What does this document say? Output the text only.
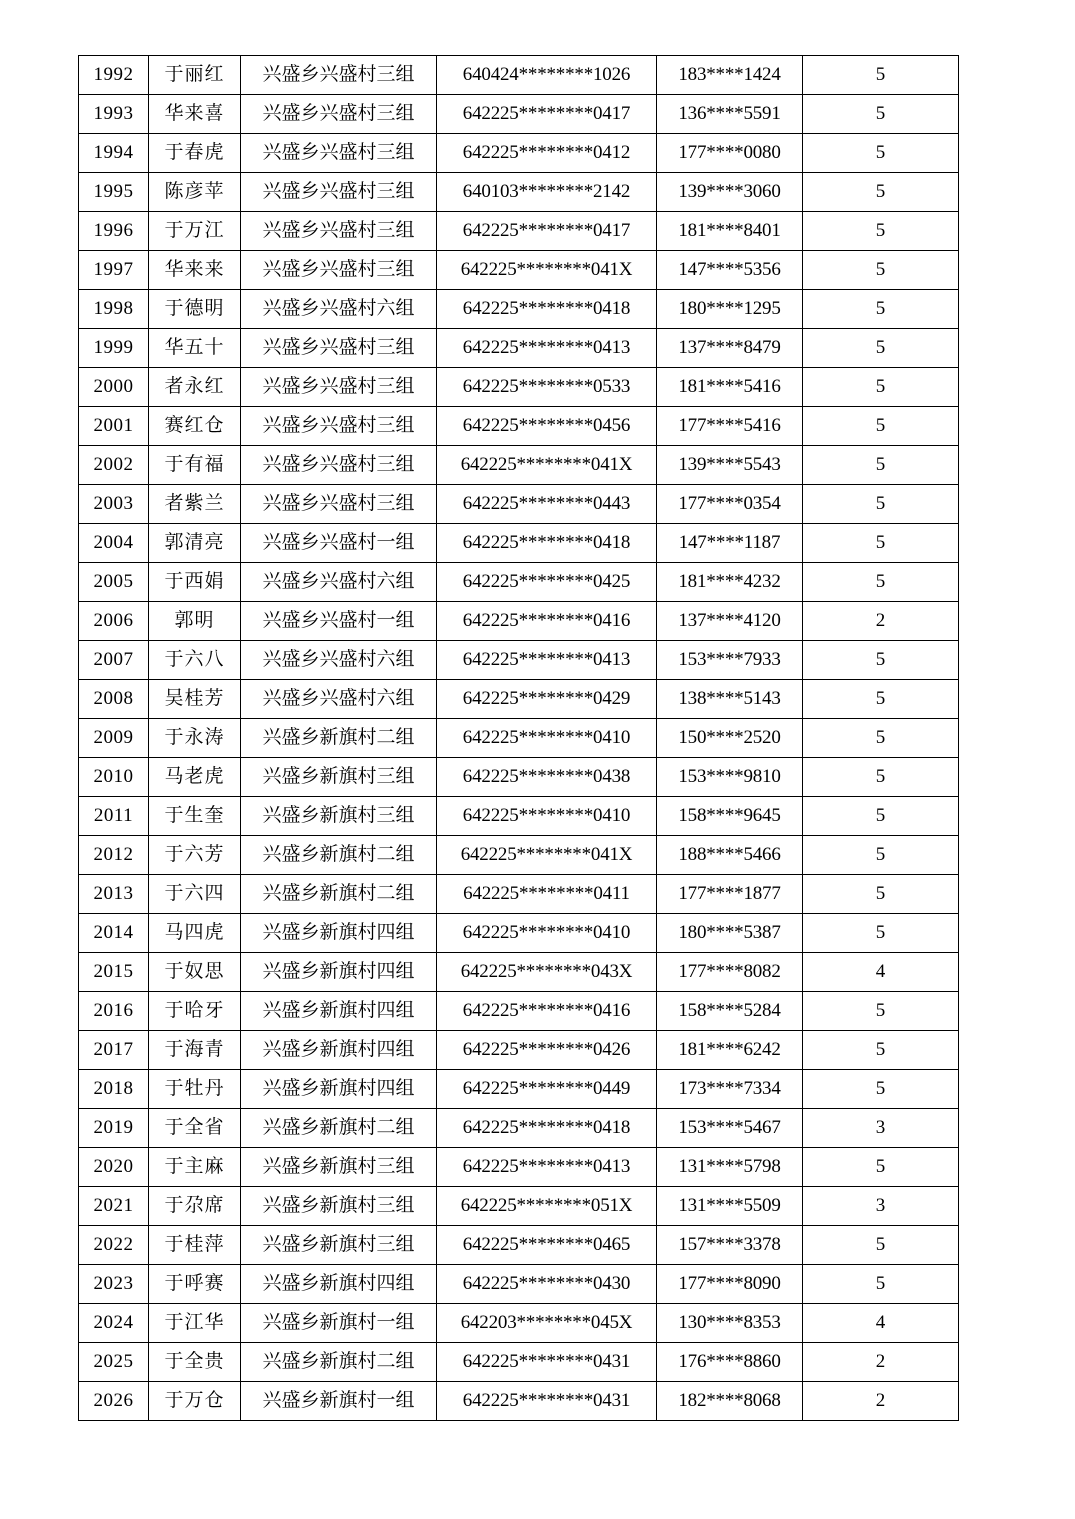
1992	于丽红	兴盛乡兴盛村三组	640424********1026	183****1424	5
1993	华来喜	兴盛乡兴盛村三组	642225********0417	136****5591	5
1994	于春虎	兴盛乡兴盛村三组	642225********0412	177****0080	5
1995	陈彦苹	兴盛乡兴盛村三组	640103********2142	139****3060	5
1996	于万江	兴盛乡兴盛村三组	642225********0417	181****8401	5
1997	华来来	兴盛乡兴盛村三组	642225********041X	147****5356	5
1998	于德明	兴盛乡兴盛村六组	642225********0418	180****1295	5
1999	华五十	兴盛乡兴盛村三组	642225********0413	137****8479	5
2000	者永红	兴盛乡兴盛村三组	642225********0533	181****5416	5
2001	赛红仓	兴盛乡兴盛村三组	642225********0456	177****5416	5
2002	于有福	兴盛乡兴盛村三组	642225********041X	139****5543	5
2003	者紫兰	兴盛乡兴盛村三组	642225********0443	177****0354	5
2004	郭清亮	兴盛乡兴盛村一组	642225********0418	147****1187	5
2005	于西娟	兴盛乡兴盛村六组	642225********0425	181****4232	5
2006	郭明	兴盛乡兴盛村一组	642225********0416	137****4120	2
2007	于六八	兴盛乡兴盛村六组	642225********0413	153****7933	5
2008	吴桂芳	兴盛乡兴盛村六组	642225********0429	138****5143	5
2009	于永涛	兴盛乡新旗村二组	642225********0410	150****2520	5
2010	马老虎	兴盛乡新旗村三组	642225********0438	153****9810	5
2011	于生奎	兴盛乡新旗村三组	642225********0410	158****9645	5
2012	于六芳	兴盛乡新旗村二组	642225********041X	188****5466	5
2013	于六四	兴盛乡新旗村二组	642225********0411	177****1877	5
2014	马四虎	兴盛乡新旗村四组	642225********0410	180****5387	5
2015	于奴思	兴盛乡新旗村四组	642225********043X	177****8082	4
2016	于哈牙	兴盛乡新旗村四组	642225********0416	158****5284	5
2017	于海青	兴盛乡新旗村四组	642225********0426	181****6242	5
2018	于牡丹	兴盛乡新旗村四组	642225********0449	173****7334	5
2019	于全省	兴盛乡新旗村二组	642225********0418	153****5467	3
2020	于主麻	兴盛乡新旗村三组	642225********0413	131****5798	5
2021	于尕席	兴盛乡新旗村三组	642225********051X	131****5509	3
2022	于桂萍	兴盛乡新旗村三组	642225********0465	157****3378	5
2023	于呼赛	兴盛乡新旗村四组	642225********0430	177****8090	5
2024	于江华	兴盛乡新旗村一组	642203********045X	130****8353	4
2025	于全贵	兴盛乡新旗村二组	642225********0431	176****8860	2
2026	于万仓	兴盛乡新旗村一组	642225********0431	182****8068	2
